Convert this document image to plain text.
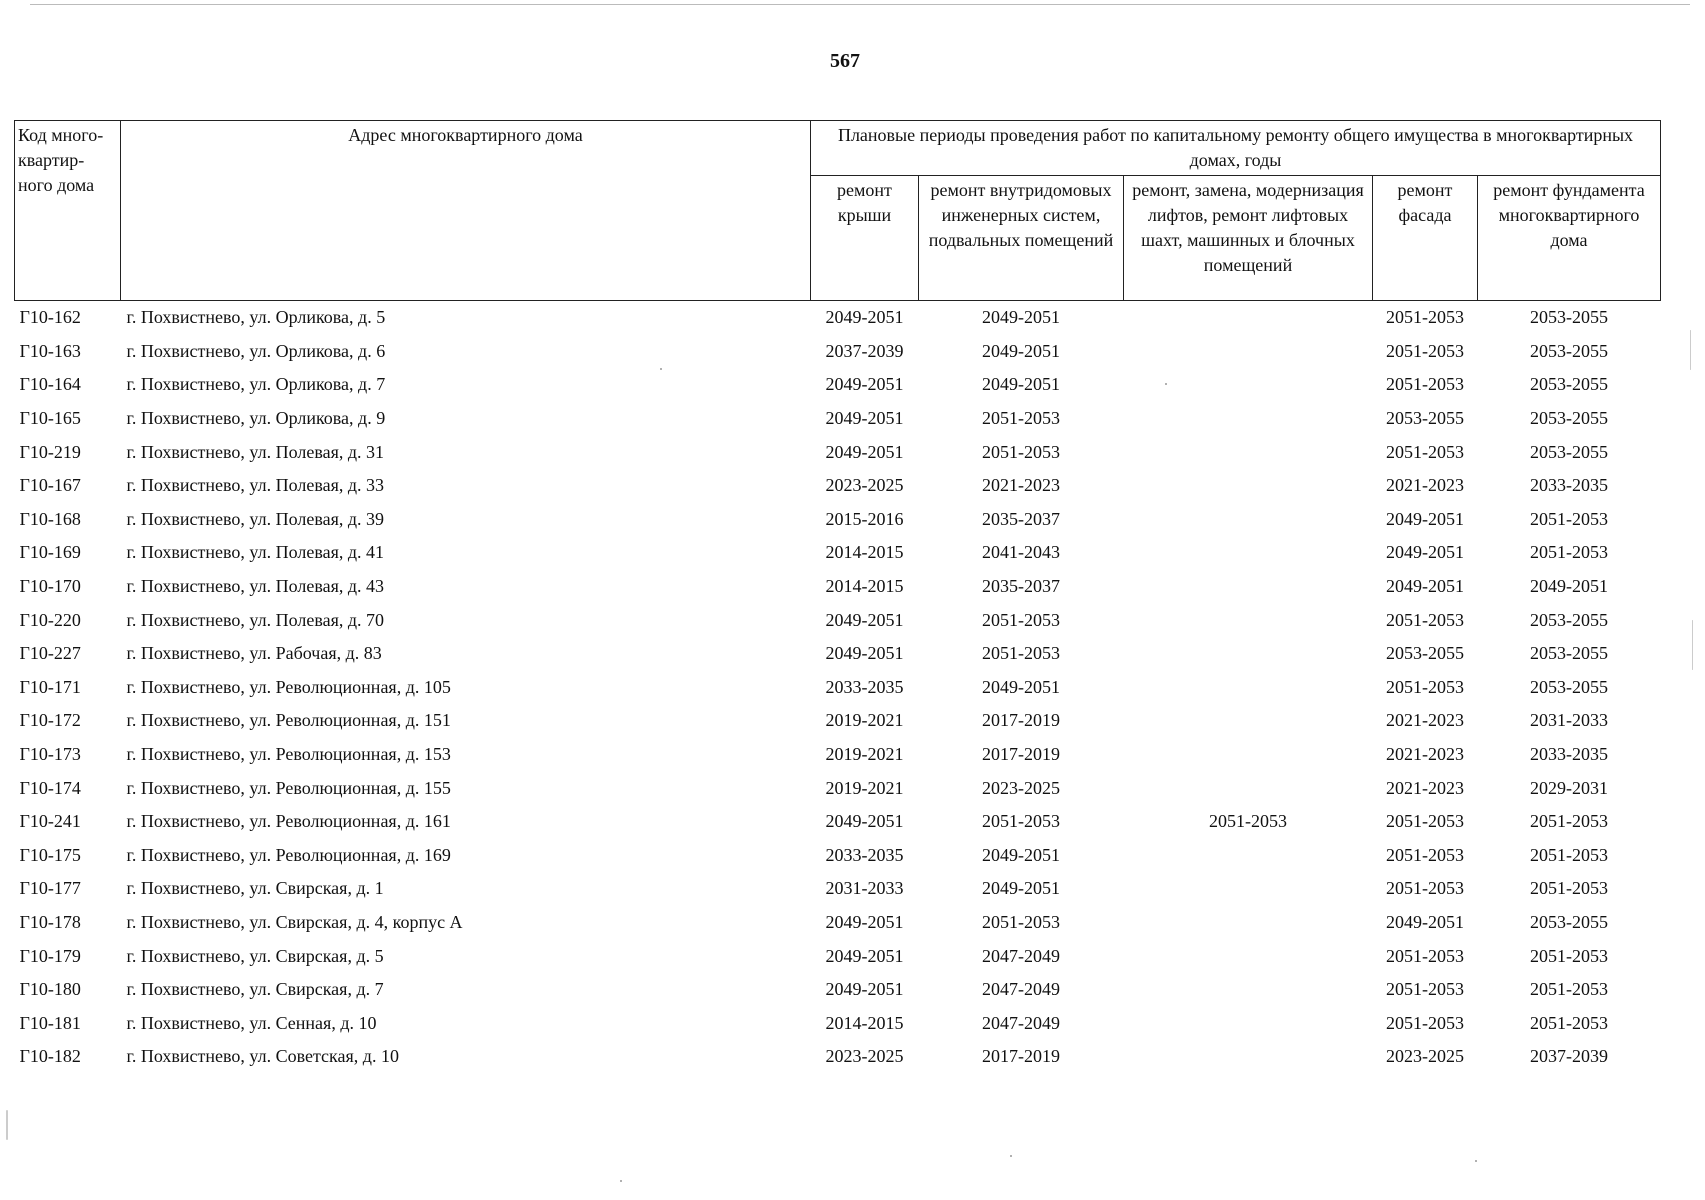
567
Код много- квартир- ного дома	Адрес многоквартирного дома	Плановые периоды проведения работ по капитальному ремонту общего имущества в многоквартирных домах, годы				
		ремонт крыши	ремонт внутридомовых инженерных систем, подвальных помещений	ремонт, замена, модернизация лифтов, ремонт лифтовых шахт, машинных и блочных помещений	ремонт фасада	ремонт фундамента многоквартирного дома
Г10-162	г. Похвистнево, ул. Орликова, д. 5	2049-2051	2049-2051		2051-2053	2053-2055
Г10-163	г. Похвистнево, ул. Орликова, д. 6	2037-2039	2049-2051		2051-2053	2053-2055
Г10-164	г. Похвистнево, ул. Орликова, д. 7	2049-2051	2049-2051		2051-2053	2053-2055
Г10-165	г. Похвистнево, ул. Орликова, д. 9	2049-2051	2051-2053		2053-2055	2053-2055
Г10-219	г. Похвистнево, ул. Полевая, д. 31	2049-2051	2051-2053		2051-2053	2053-2055
Г10-167	г. Похвистнево, ул. Полевая, д. 33	2023-2025	2021-2023		2021-2023	2033-2035
Г10-168	г. Похвистнево, ул. Полевая, д. 39	2015-2016	2035-2037		2049-2051	2051-2053
Г10-169	г. Похвистнево, ул. Полевая, д. 41	2014-2015	2041-2043		2049-2051	2051-2053
Г10-170	г. Похвистнево, ул. Полевая, д. 43	2014-2015	2035-2037		2049-2051	2049-2051
Г10-220	г. Похвистнево, ул. Полевая, д. 70	2049-2051	2051-2053		2051-2053	2053-2055
Г10-227	г. Похвистнево, ул. Рабочая, д. 83	2049-2051	2051-2053		2053-2055	2053-2055
Г10-171	г. Похвистнево, ул. Революционная, д. 105	2033-2035	2049-2051		2051-2053	2053-2055
Г10-172	г. Похвистнево, ул. Революционная, д. 151	2019-2021	2017-2019		2021-2023	2031-2033
Г10-173	г. Похвистнево, ул. Революционная, д. 153	2019-2021	2017-2019		2021-2023	2033-2035
Г10-174	г. Похвистнево, ул. Революционная, д. 155	2019-2021	2023-2025		2021-2023	2029-2031
Г10-241	г. Похвистнево, ул. Революционная, д. 161	2049-2051	2051-2053	2051-2053	2051-2053	2051-2053
Г10-175	г. Похвистнево, ул. Революционная, д. 169	2033-2035	2049-2051		2051-2053	2051-2053
Г10-177	г. Похвистнево, ул. Свирская, д. 1	2031-2033	2049-2051		2051-2053	2051-2053
Г10-178	г. Похвистнево, ул. Свирская, д. 4, корпус А	2049-2051	2051-2053		2049-2051	2053-2055
Г10-179	г. Похвистнево, ул. Свирская, д. 5	2049-2051	2047-2049		2051-2053	2051-2053
Г10-180	г. Похвистнево, ул. Свирская, д. 7	2049-2051	2047-2049		2051-2053	2051-2053
Г10-181	г. Похвистнево, ул. Сенная, д. 10	2014-2015	2047-2049		2051-2053	2051-2053
Г10-182	г. Похвистнево, ул. Советская, д. 10	2023-2025	2017-2019		2023-2025	2037-2039
